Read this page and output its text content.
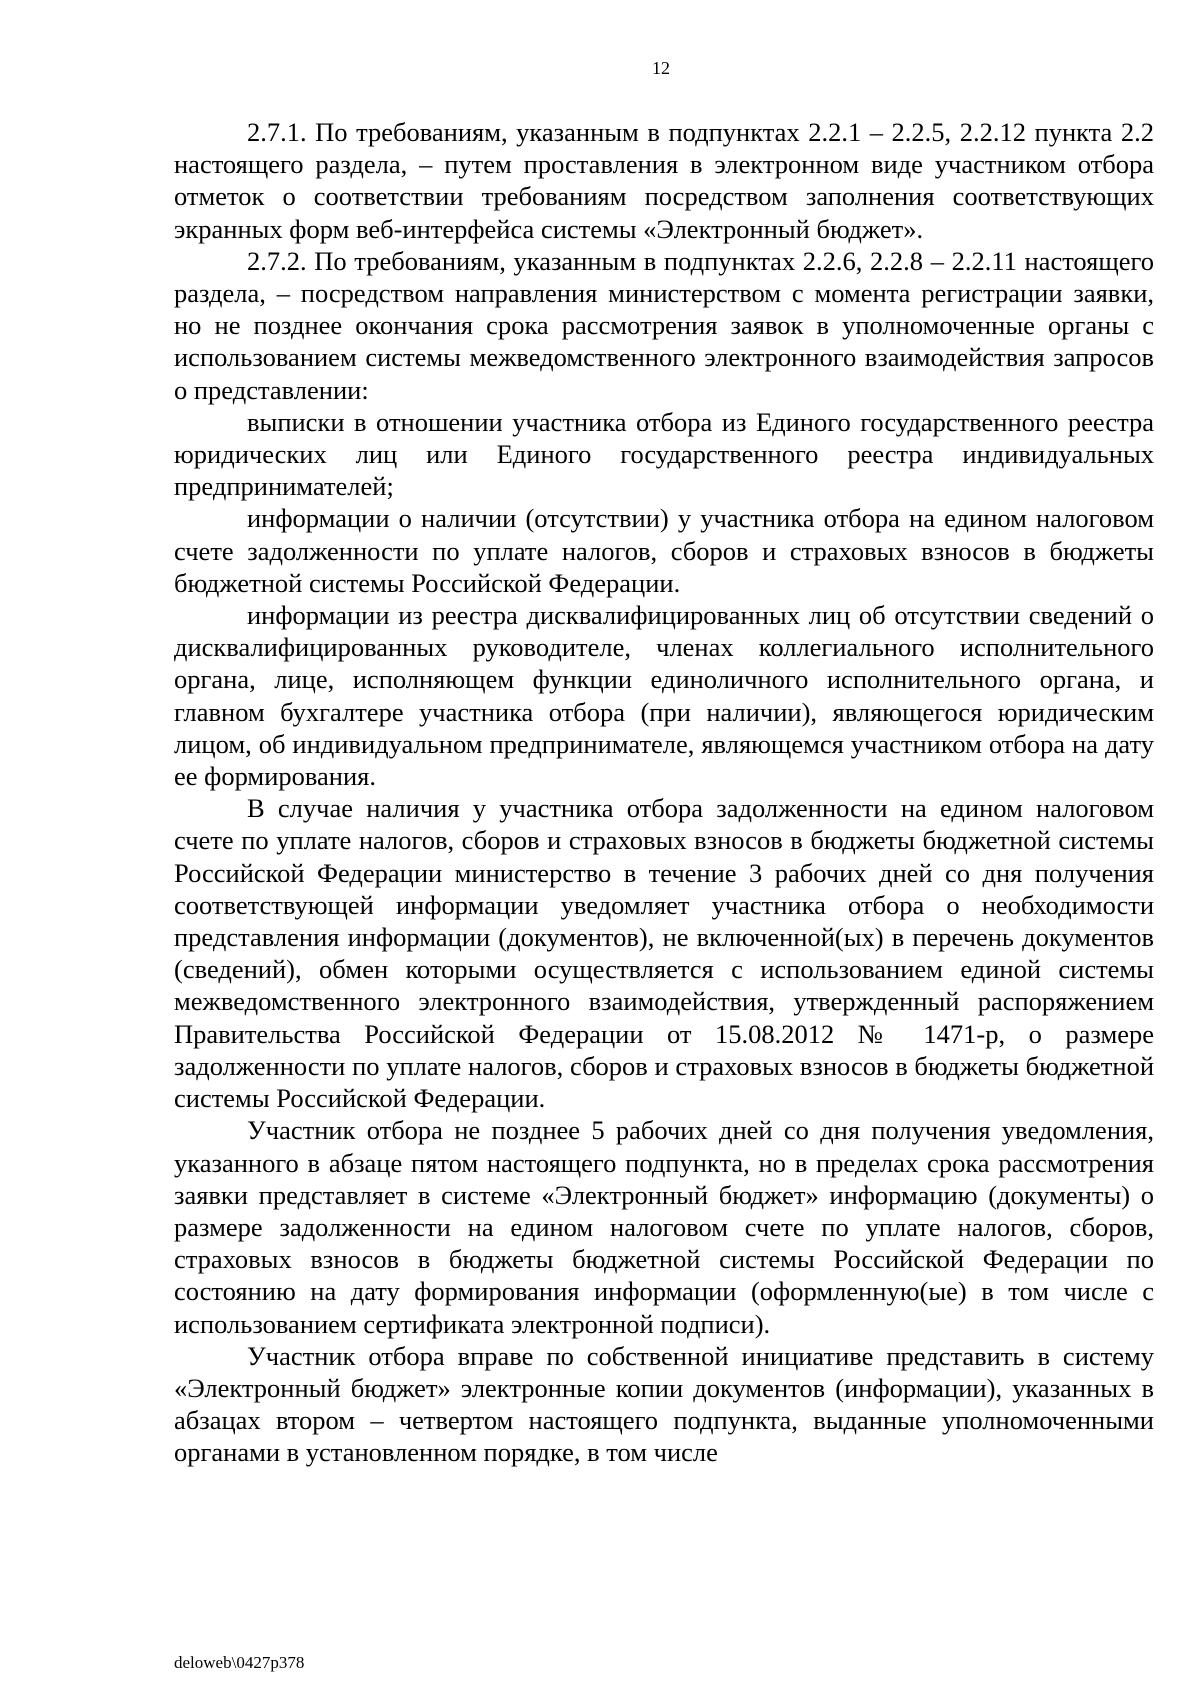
12

2.7.1. По требованиям, указанным в подпунктах 2.2.1 – 2.2.5, 2.2.12 пункта 2.2 настоящего раздела, – путем проставления в электронном виде участником отбора отметок о соответствии требованиям посредством заполнения соответствующих экранных форм веб-интерфейса системы «Электронный бюджет».

2.7.2. По требованиям, указанным в подпунктах 2.2.6, 2.2.8 – 2.2.11 настоящего раздела, – посредством направления министерством с момента регистрации заявки, но не позднее окончания срока рассмотрения заявок в уполномоченные органы с использованием системы межведомственного электронного взаимодействия запросов о представлении:

выписки в отношении участника отбора из Единого государственного реестра юридических лиц или Единого государственного реестра индивидуальных предпринимателей;

информации о наличии (отсутствии) у участника отбора на едином налоговом счете задолженности по уплате налогов, сборов и страховых взносов в бюджеты бюджетной системы Российской Федерации.

информации из реестра дисквалифицированных лиц об отсутствии сведений о дисквалифицированных руководителе, членах коллегиального исполнительного органа, лице, исполняющем функции единоличного исполнительного органа, и главном бухгалтере участника отбора (при наличии), являющегося юридическим лицом, об индивидуальном предпринимателе, являющемся участником отбора на дату ее формирования.

В случае наличия у участника отбора задолженности на едином налоговом счете по уплате налогов, сборов и страховых взносов в бюджеты бюджетной системы Российской Федерации министерство в течение 3 рабочих дней со дня получения соответствующей информации уведомляет участника отбора о необходимости представления информации (документов), не включенной(ых) в перечень документов (сведений), обмен которыми осуществляется с использованием единой системы межведомственного электронного взаимодействия, утвержденный распоряжением Правительства Российской Федерации от 15.08.2012 № 1471-р, о размере задолженности по уплате налогов, сборов и страховых взносов в бюджеты бюджетной системы Российской Федерации.

Участник отбора не позднее 5 рабочих дней со дня получения уведомления, указанного в абзаце пятом настоящего подпункта, но в пределах срока рассмотрения заявки представляет в системе «Электронный бюджет» информацию (документы) о размере задолженности на едином налоговом счете по уплате налогов, сборов, страховых взносов в бюджеты бюджетной системы Российской Федерации по состоянию на дату формирования информации (оформленную(ые) в том числе с использованием сертификата электронной подписи).

Участник отбора вправе по собственной инициативе представить в систему «Электронный бюджет» электронные копии документов (информации), указанных в абзацах втором – четвертом настоящего подпункта, выданные уполномоченными органами в установленном порядке, в том числе

deloweb\0427p378
